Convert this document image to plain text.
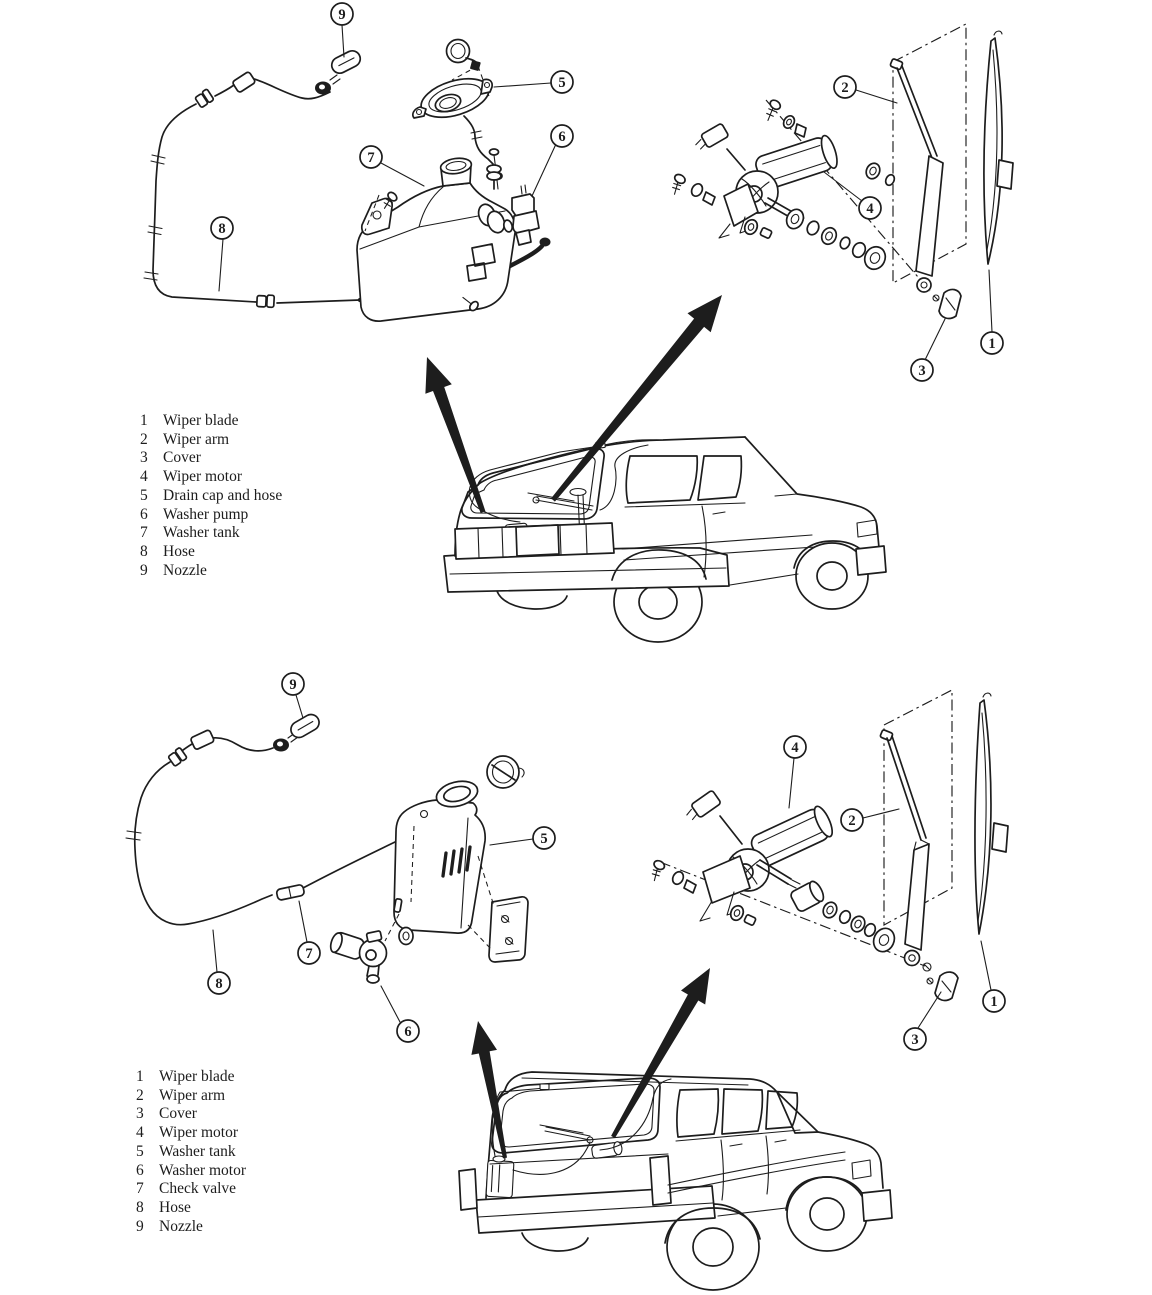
9
5
6
7
8
2
4
1
3
9
5
7
8
6
4
2
1
3
1 Wiper blade
2 Wiper arm
3 Cover
4 Wiper motor
5 Drain cap and hose
6 Washer pump
7 Washer tank
8 Hose
9 Nozzle
1 Wiper blade
2 Wiper arm
3 Cover
4 Wiper motor
5 Washer tank
6 Washer motor
7 Check valve
8 Hose
9 Nozzle
